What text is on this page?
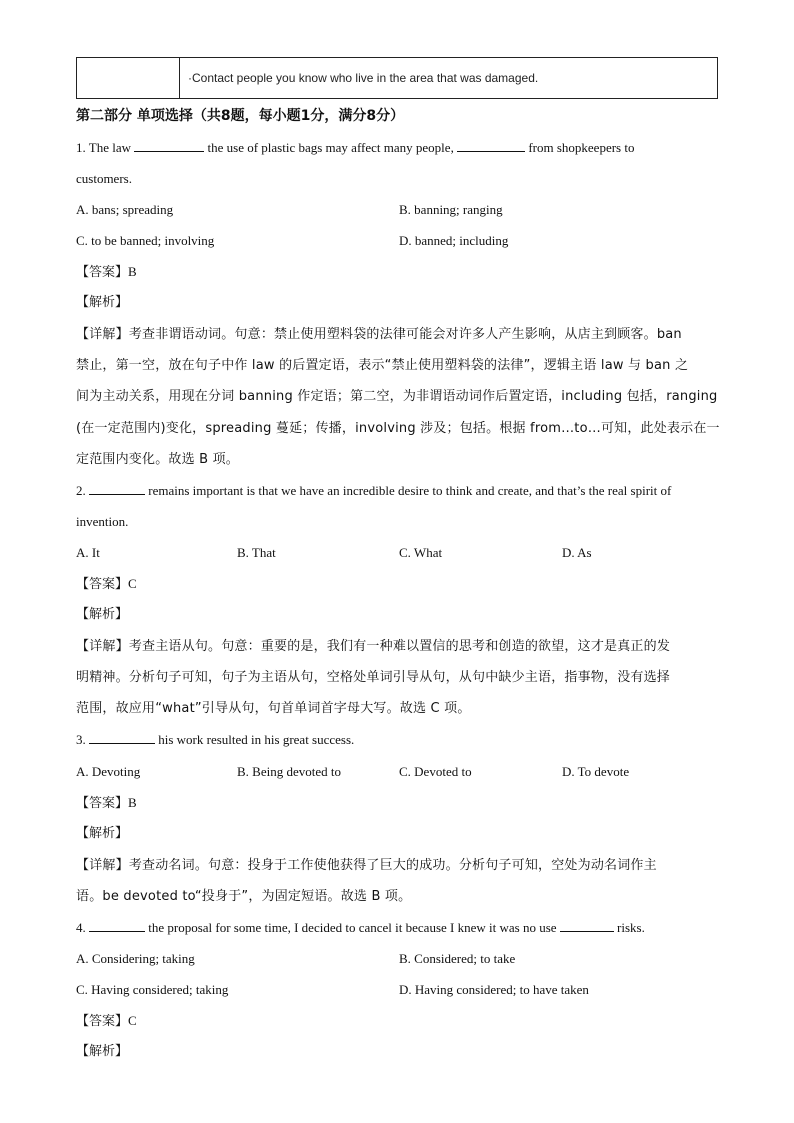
·Contact people you know who live in the area that was damaged.
第二部分 单项选择（共8题，每小题1分，满分8分）
1. The law	the use of plastic bags may affect many people,	from shopkeepers to
customers.
A. bans; spreading	B. banning; ranging
C. to be banned; involving	D. banned; including
【答案】B
【解析】
【详解】考查非谓语动词。句意：禁止使用塑料袋的法律可能会对许多人产生影响，从店主到顾客。ban
禁止，第一空，放在句子中作 law 的后置定语，表示“禁止使用塑料袋的法律”，逻辑主语 law 与 ban 之
间为主动关系，用现在分词 banning 作定语；第二空，为非谓语动词作后置定语，including 包括，ranging
(在一定范围内)变化，spreading 蔓延；传播，involving 涉及；包括。根据 from…to…可知，此处表示在一
定范围内变化。故选 B 项。
2.	remains important is that we have an incredible desire to think and create, and that’s the real spirit of
invention.
A. It	B. That	C. What	D. As
【答案】C
【解析】
【详解】考查主语从句。句意：重要的是，我们有一种难以置信的思考和创造的欲望，这才是真正的发
明精神。分析句子可知，句子为主语从句，空格处单词引导从句，从句中缺少主语，指事物，没有选择
范围，故应用“what”引导从句，句首单词首字母大写。故选 C 项。
3.	his work resulted in his great success.
A. Devoting	B. Being devoted to	C. Devoted to	D. To devote
【答案】B
【解析】
【详解】考查动名词。句意：投身于工作使他获得了巨大的成功。分析句子可知，空处为动名词作主
语。be devoted to“投身于”，为固定短语。故选 B 项。
4.	the proposal for some time, I decided to cancel it because I knew it was no use	risks.
A. Considering; taking	B. Considered; to take
C. Having considered; taking	D. Having considered; to have taken
【答案】C
【解析】
